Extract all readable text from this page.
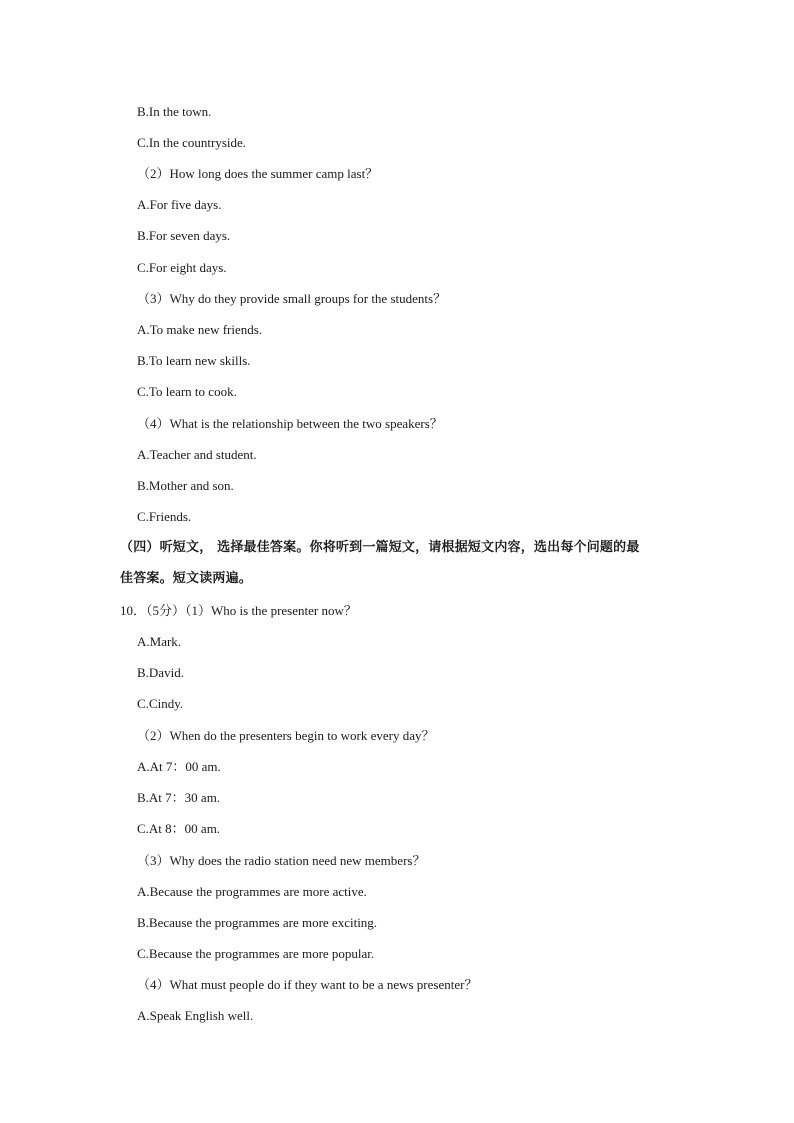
B.In the town.
C.In the countryside.
（2）How long does the summer camp last？
A.For five days.
B.For seven days.
C.For eight days.
（3）Why do they provide small groups for the students？
A.To make new friends.
B.To learn new skills.
C.To learn to cook.
（4）What is the relationship between the two speakers？
A.Teacher and student.
B.Mother and son.
C.Friends.
（四）听短文， 选择最佳答案。你将听到一篇短文，请根据短文内容，选出每个问题的最
佳答案。短文读两遍。
10．（5分）（1）Who is the presenter now？
A.Mark.
B.David.
C.Cindy.
（2）When do the presenters begin to work every day？
A.At 7：00 am.
B.At 7：30 am.
C.At 8：00 am.
（3）Why does the radio station need new members？
A.Because the programmes are more active.
B.Because the programmes are more exciting.
C.Because the programmes are more popular.
（4）What must people do if they want to be a news presenter？
A.Speak English well.
